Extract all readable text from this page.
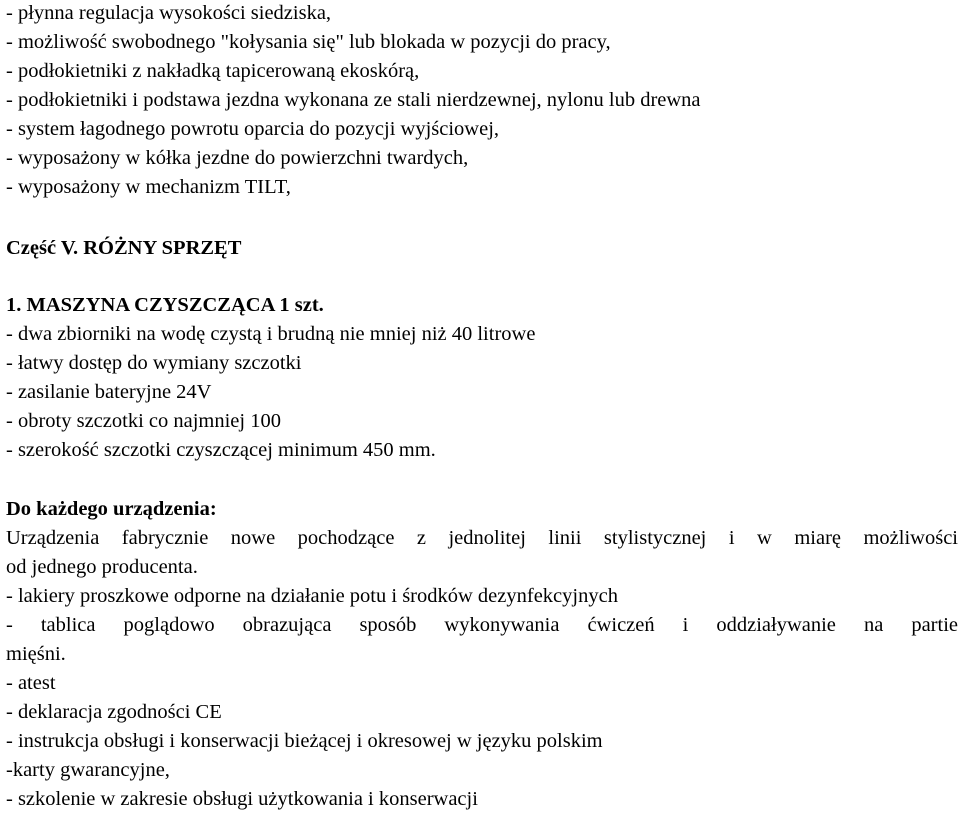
- płynna regulacja wysokości siedziska,

- możliwość swobodnego "kołysania się" lub blokada w pozycji do pracy,

- podłokietniki z nakładką tapicerowaną ekoskórą,

- podłokietniki i podstawa jezdna wykonana ze stali nierdzewnej, nylonu lub drewna

- system łagodnego powrotu oparcia do pozycji wyjściowej,

- wyposażony w kółka jezdne do powierzchni twardych,

- wyposażony w mechanizm TILT,

Część V. RÓŻNY SPRZĘT

1. MASZYNA CZYSZCZĄCA 1 szt.

- dwa zbiorniki na wodę czystą i brudną nie mniej niż 40 litrowe

- łatwy dostęp do wymiany szczotki

- zasilanie bateryjne 24V

- obroty szczotki co najmniej 100

- szerokość szczotki czyszczącej minimum 450 mm.

Do każdego urządzenia:

Urządzenia fabrycznie nowe pochodzące z jednolitej linii stylistycznej i w miarę możliwości

od jednego producenta.

- lakiery proszkowe odporne na działanie potu i środków dezynfekcyjnych

- tablica poglądowo obrazująca sposób wykonywania ćwiczeń i oddziaływanie na partie

mięśni.

- atest

- deklaracja zgodności CE

- instrukcja obsługi i konserwacji bieżącej i okresowej w języku polskim

-karty gwarancyjne,

- szkolenie w zakresie obsługi użytkowania i konserwacji
